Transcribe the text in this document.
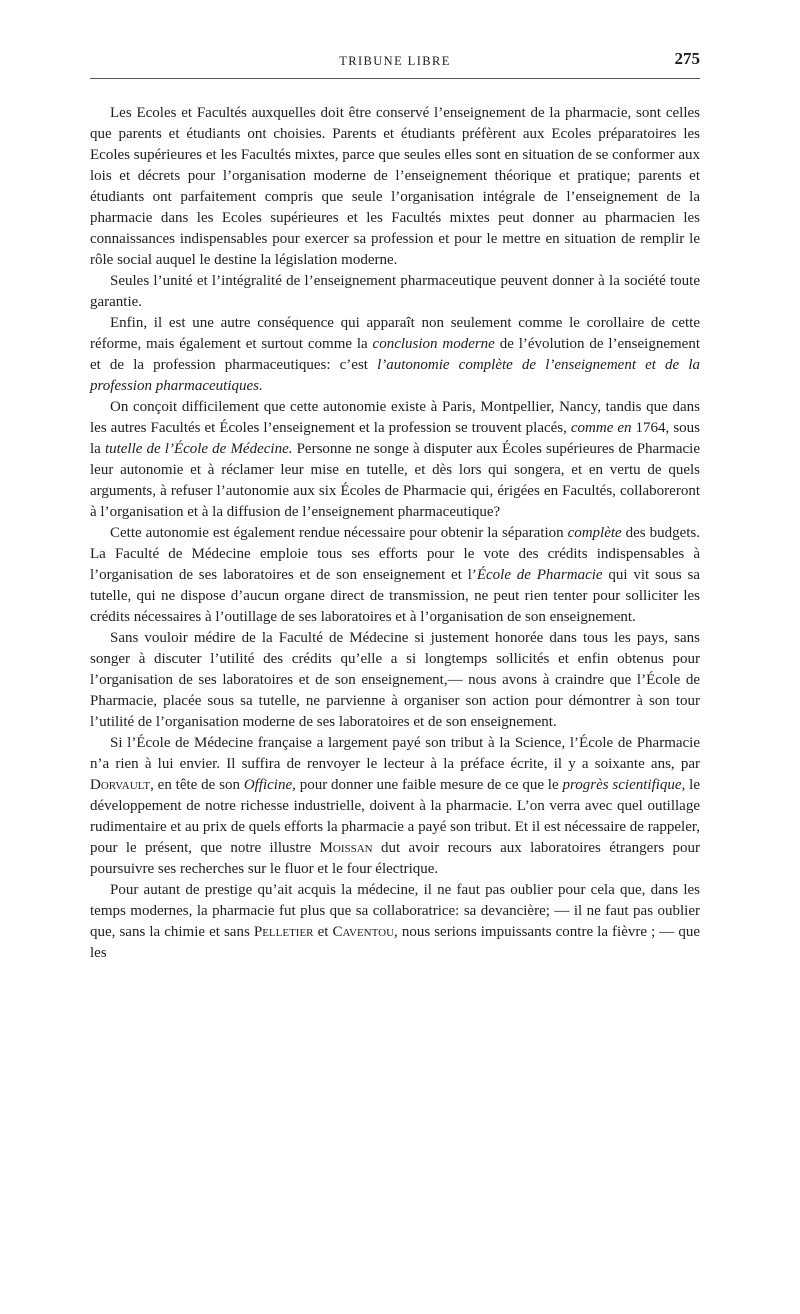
TRIBUNE LIBRE	275

Les Ecoles et Facultés auxquelles doit être conservé l’enseignement de la pharmacie, sont celles que parents et étudiants ont choisies. Parents et étudiants préfèrent aux Ecoles préparatoires les Ecoles supérieures et les Facultés mixtes, parce que seules elles sont en situation de se conformer aux lois et décrets pour l’organisation moderne de l’enseignement théorique et pratique; parents et étudiants ont parfaitement compris que seule l’organisation intégrale de l’enseignement de la pharmacie dans les Ecoles supérieures et les Facultés mixtes peut donner au pharmacien les connaissances indispensables pour exercer sa profession et pour le mettre en situation de remplir le rôle social auquel le destine la législation moderne.

Seules l’unité et l’intégralité de l’enseignement pharmaceutique peuvent donner à la société toute garantie.

Enfin, il est une autre conséquence qui apparaît non seulement comme le corollaire de cette réforme, mais également et surtout comme la conclusion moderne de l’évolution de l’enseignement et de la profession pharmaceutiques: c’est l’autonomie complète de l’enseignement et de la profession pharmaceutiques.

On conçoit difficilement que cette autonomie existe à Paris, Montpellier, Nancy, tandis que dans les autres Facultés et Écoles l’enseignement et la profession se trouvent placés, comme en 1764, sous la tutelle de l’École de Médecine. Personne ne songe à disputer aux Écoles supérieures de Pharmacie leur autonomie et à réclamer leur mise en tutelle, et dès lors qui songera, et en vertu de quels arguments, à refuser l’autonomie aux six Écoles de Pharmacie qui, érigées en Facultés, collaboreront à l’organisation et à la diffusion de l’enseignement pharmaceutique?

Cette autonomie est également rendue nécessaire pour obtenir la séparation complète des budgets. La Faculté de Médecine emploie tous ses efforts pour le vote des crédits indispensables à l’organisation de ses laboratoires et de son enseignement et l’École de Pharmacie qui vit sous sa tutelle, qui ne dispose d’aucun organe direct de transmission, ne peut rien tenter pour solliciter les crédits nécessaires à l’outillage de ses laboratoires et à l’organisation de son enseignement.

Sans vouloir médire de la Faculté de Médecine si justement honorée dans tous les pays, sans songer à discuter l’utilité des crédits qu’elle a si longtemps sollicités et enfin obtenus pour l’organisation de ses laboratoires et de son enseignement,— nous avons à craindre que l’École de Pharmacie, placée sous sa tutelle, ne parvienne à organiser son action pour démontrer à son tour l’utilité de l’organisation moderne de ses laboratoires et de son enseignement.

Si l’École de Médecine française a largement payé son tribut à la Science, l’École de Pharmacie n’a rien à lui envier. Il suffira de renvoyer le lecteur à la préface écrite, il y a soixante ans, par Dorvault, en tête de son Officine, pour donner une faible mesure de ce que le progrès scientifique, le développement de notre richesse industrielle, doivent à la pharmacie. L’on verra avec quel outillage rudimentaire et au prix de quels efforts la pharmacie a payé son tribut. Et il est nécessaire de rappeler, pour le présent, que notre illustre Moissan dut avoir recours aux laboratoires étrangers pour poursuivre ses recherches sur le fluor et le four électrique.

Pour autant de prestige qu’ait acquis la médecine, il ne faut pas oublier pour cela que, dans les temps modernes, la pharmacie fut plus que sa collaboratrice: sa devancière; — il ne faut pas oublier que, sans la chimie et sans Pelletier et Caventou, nous serions impuissants contre la fièvre ; — que les
